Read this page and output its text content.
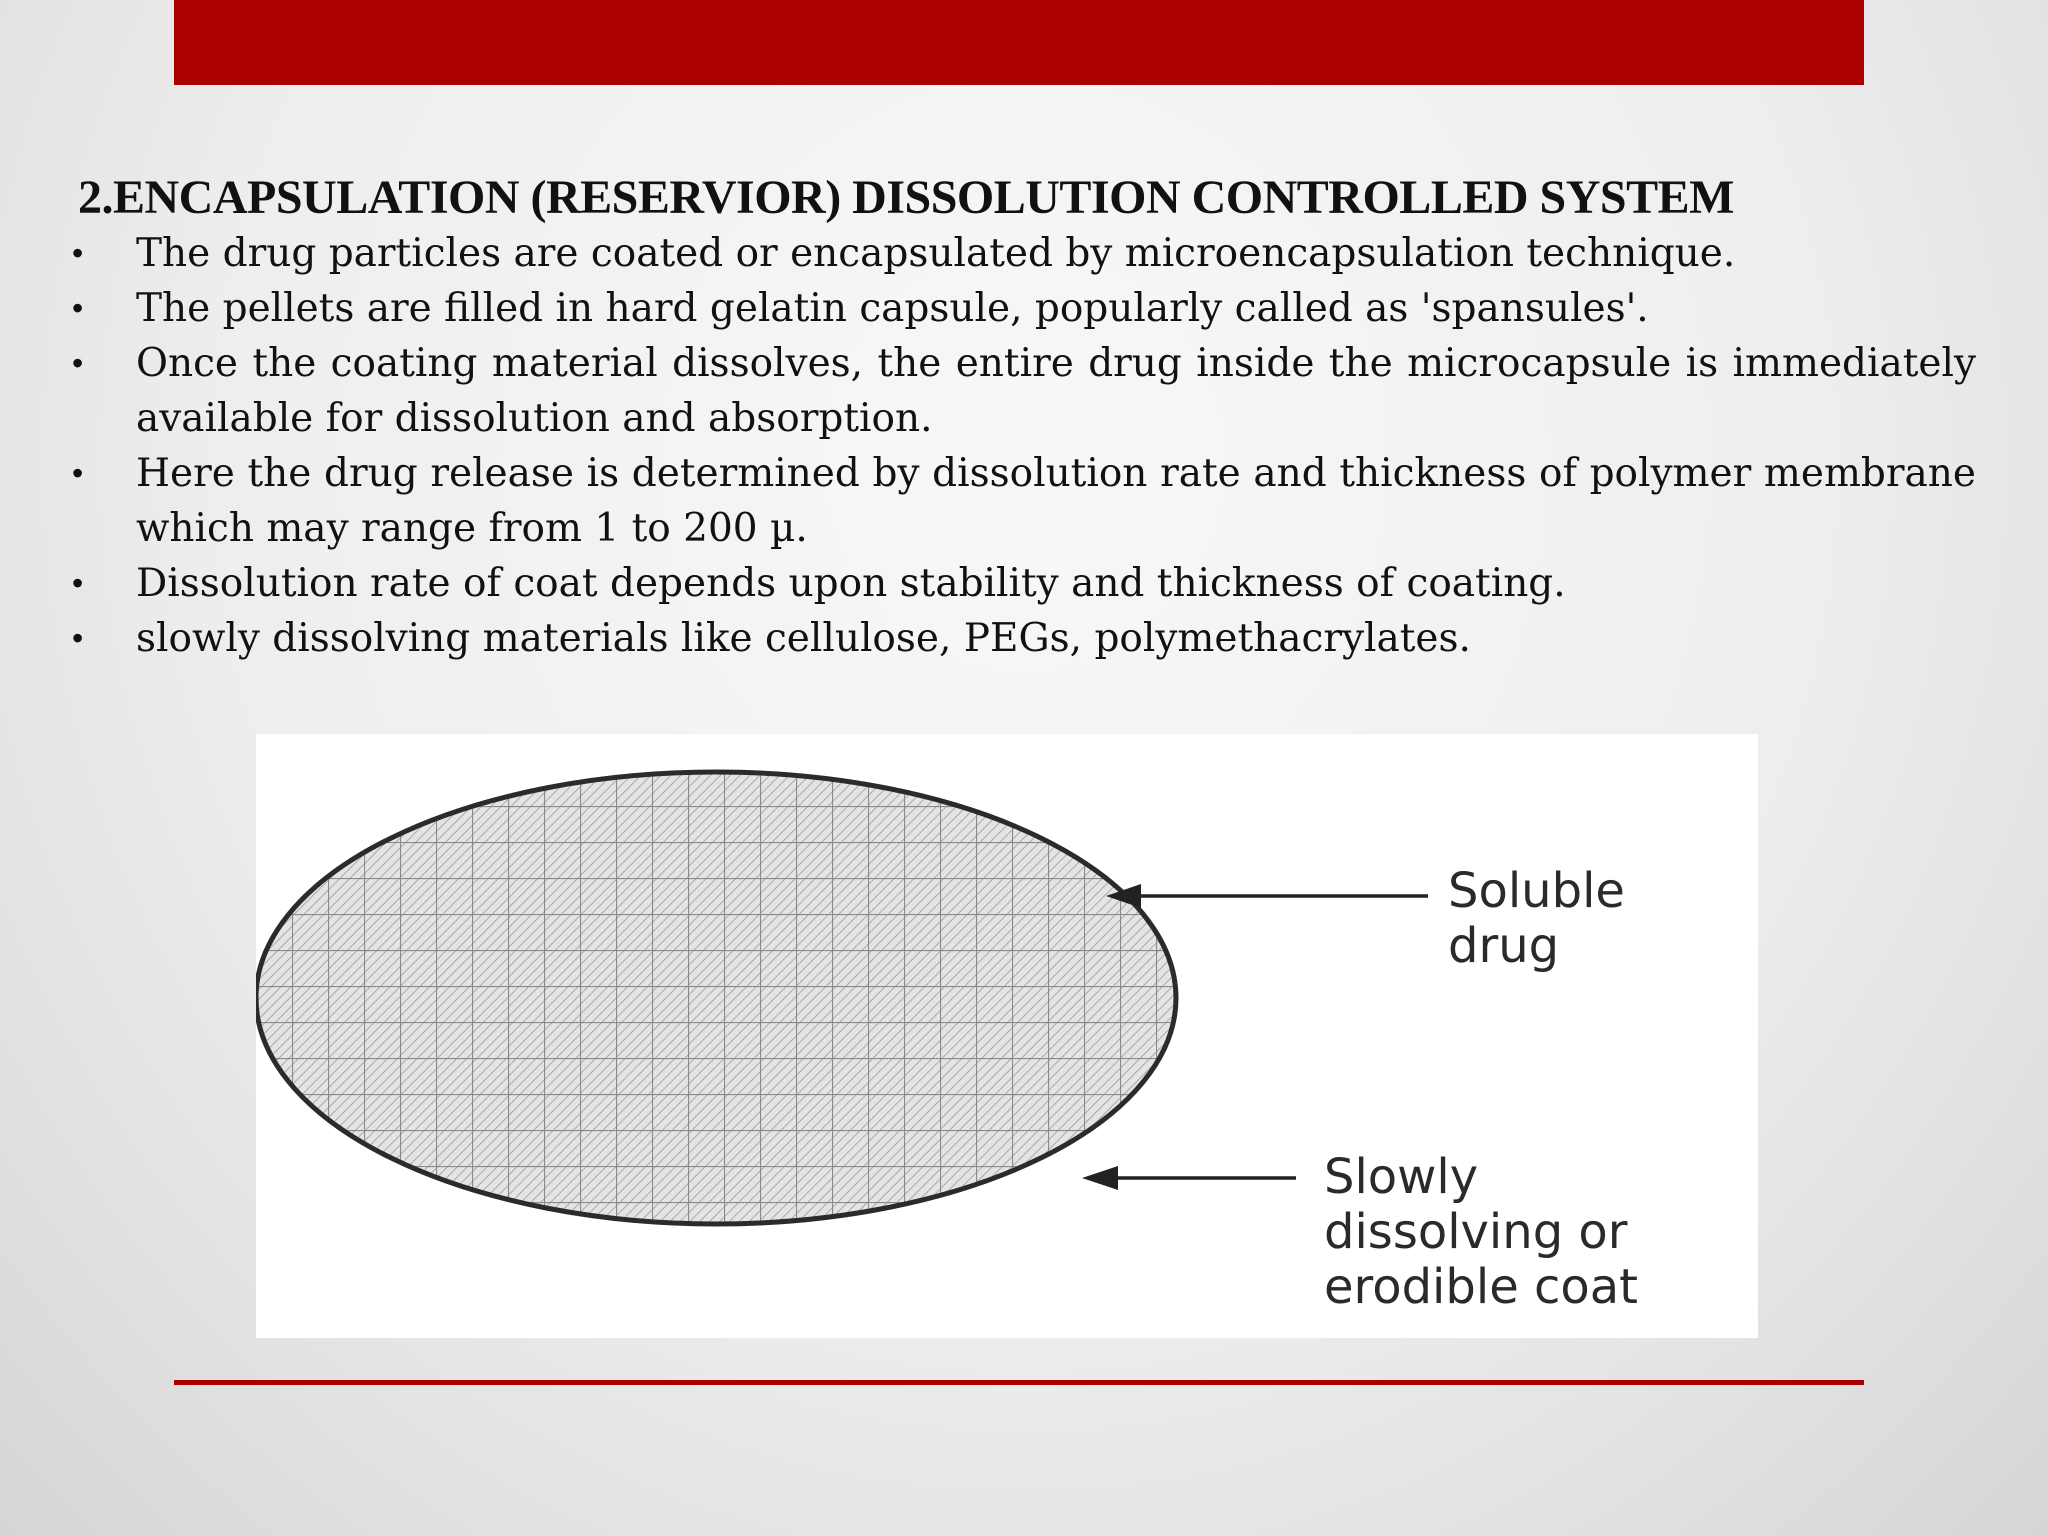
2.ENCAPSULATION (RESERVIOR) DISSOLUTION CONTROLLED SYSTEM
•	The drug particles are coated or encapsulated by microencapsulation technique.
•	The pellets are filled in hard gelatin capsule, popularly called as 'spansules'.
•	Once the coating material dissolves, the entire drug inside the microcapsule is immediately available for dissolution and absorption.
•	Here the drug release is determined by dissolution rate and thickness of polymer membrane which may range from 1 to 200 µ.
•	Dissolution rate of coat depends upon stability and thickness of coating.
•	slowly dissolving materials like cellulose, PEGs, polymethacrylates.
Soluble
drug
Slowly
dissolving or
erodible coat
